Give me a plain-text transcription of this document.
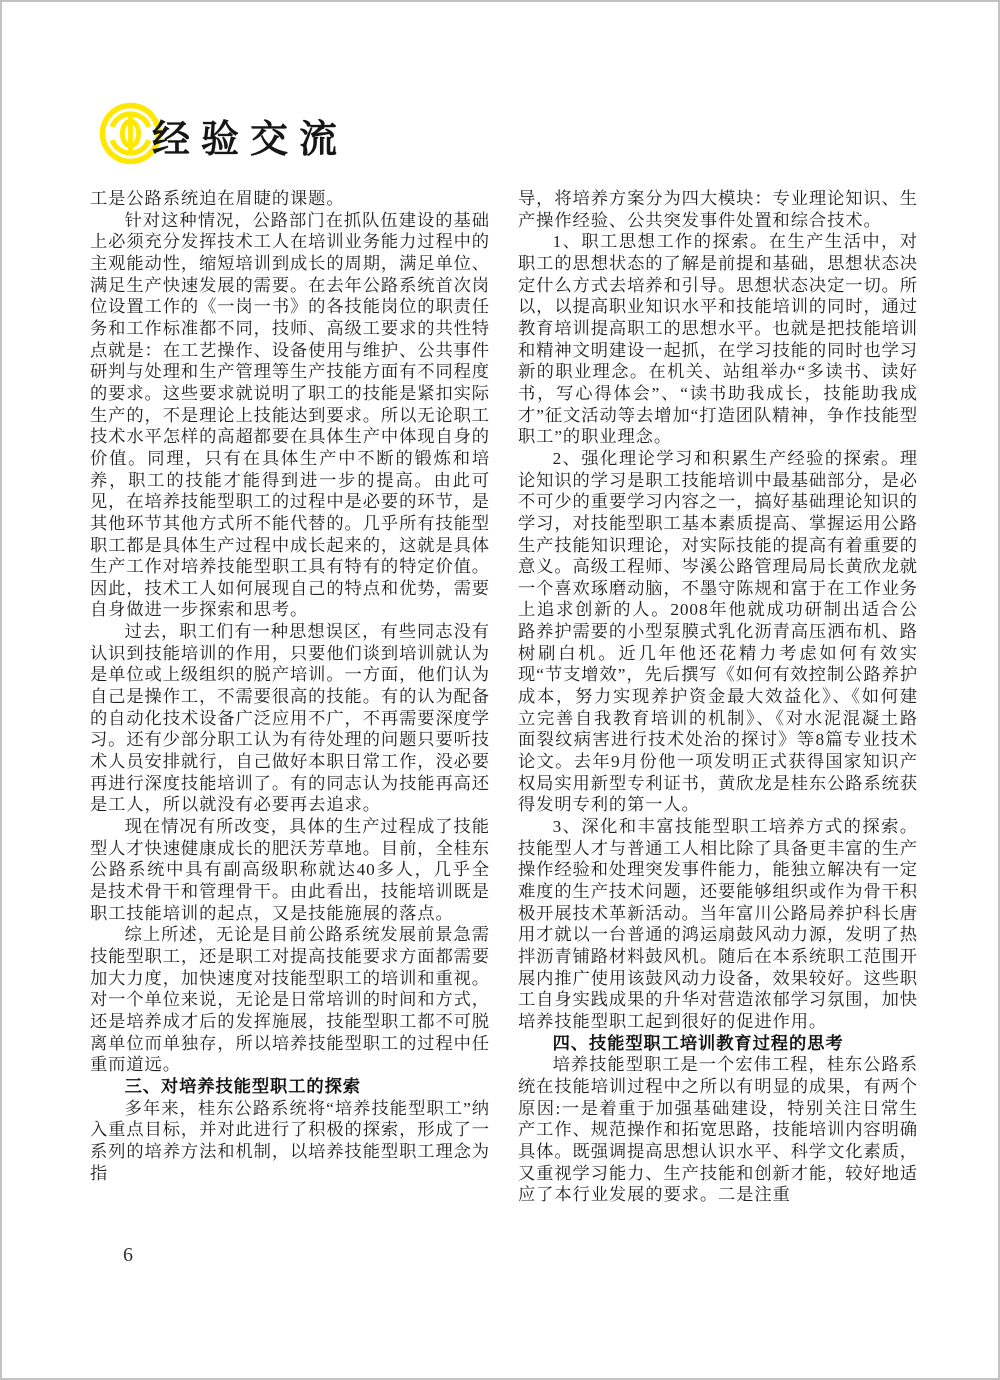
经验交流

工是公路系统迫在眉睫的课题。

针对这种情况，公路部门在抓队伍建设的基础上必须充分发挥技术工人在培训业务能力过程中的主观能动性，缩短培训到成长的周期，满足单位、满足生产快速发展的需要。在去年公路系统首次岗位设置工作的《一岗一书》的各技能岗位的职责任务和工作标准都不同，技师、高级工要求的共性特点就是：在工艺操作、设备使用与维护、公共事件研判与处理和生产管理等生产技能方面有不同程度的要求。这些要求就说明了职工的技能是紧扣实际生产的，不是理论上技能达到要求。所以无论职工技术水平怎样的高超都要在具体生产中体现自身的价值。同理，只有在具体生产中不断的锻炼和培养，职工的技能才能得到进一步的提高。由此可见，在培养技能型职工的过程中是必要的环节，是其他环节其他方式所不能代替的。几乎所有技能型职工都是具体生产过程中成长起来的，这就是具体生产工作对培养技能型职工具有特有的特定价值。因此，技术工人如何展现自己的特点和优势，需要自身做进一步探索和思考。

过去，职工们有一种思想误区，有些同志没有认识到技能培训的作用，只要他们谈到培训就认为是单位或上级组织的脱产培训。一方面，他们认为自己是操作工，不需要很高的技能。有的认为配备的自动化技术设备广泛应用不广，不再需要深度学习。还有少部分职工认为有待处理的问题只要听技术人员安排就行，自己做好本职日常工作，没必要再进行深度技能培训了。有的同志认为技能再高还是工人，所以就没有必要再去追求。

现在情况有所改变，具体的生产过程成了技能型人才快速健康成长的肥沃芳草地。目前，全桂东公路系统中具有副高级职称就达40多人，几乎全是技术骨干和管理骨干。由此看出，技能培训既是职工技能培训的起点，又是技能施展的落点。

综上所述，无论是目前公路系统发展前景急需技能型职工，还是职工对提高技能要求方面都需要加大力度，加快速度对技能型职工的培训和重视。对一个单位来说，无论是日常培训的时间和方式，还是培养成才后的发挥施展，技能型职工都不可脱离单位而单独存，所以培养技能型职工的过程中任重而道远。

三、对培养技能型职工的探索

多年来，桂东公路系统将“培养技能型职工”纳入重点目标，并对此进行了积极的探索，形成了一系列的培养方法和机制，以培养技能型职工理念为指

导，将培养方案分为四大模块：专业理论知识、生产操作经验、公共突发事件处置和综合技术。

1、职工思想工作的探索。在生产生活中，对职工的思想状态的了解是前提和基础，思想状态决定什么方式去培养和引导。思想状态决定一切。所以，以提高职业知识水平和技能培训的同时，通过教育培训提高职工的思想水平。也就是把技能培训和精神文明建设一起抓，在学习技能的同时也学习新的职业理念。在机关、站组举办“多读书、读好书，写心得体会”、“读书助我成长，技能助我成才”征文活动等去增加“打造团队精神，争作技能型职工”的职业理念。

2、强化理论学习和积累生产经验的探索。理论知识的学习是职工技能培训中最基础部分，是必不可少的重要学习内容之一，搞好基础理论知识的学习，对技能型职工基本素质提高、掌握运用公路生产技能知识理论，对实际技能的提高有着重要的意义。高级工程师、岑溪公路管理局局长黄欣龙就一个喜欢琢磨动脑，不墨守陈规和富于在工作业务上追求创新的人。2008年他就成功研制出适合公路养护需要的小型泵膜式乳化沥青高压洒布机、路树刷白机。近几年他还花精力考虑如何有效实现“节支增效”，先后撰写《如何有效控制公路养护成本，努力实现养护资金最大效益化》、《如何建立完善自我教育培训的机制》、《对水泥混凝土路面裂纹病害进行技术处治的探讨》等8篇专业技术论文。去年9月份他一项发明正式获得国家知识产权局实用新型专利证书，黄欣龙是桂东公路系统获得发明专利的第一人。

3、深化和丰富技能型职工培养方式的探索。技能型人才与普通工人相比除了具备更丰富的生产操作经验和处理突发事件能力，能独立解决有一定难度的生产技术问题，还要能够组织或作为骨干积极开展技术革新活动。当年富川公路局养护科长唐用才就以一台普通的鸿运扇鼓风动力源，发明了热拌沥青铺路材料鼓风机。随后在本系统职工范围开展内推广使用该鼓风动力设备，效果较好。这些职工自身实践成果的升华对营造浓郁学习氛围，加快培养技能型职工起到很好的促进作用。

四、技能型职工培训教育过程的思考

培养技能型职工是一个宏伟工程，桂东公路系统在技能培训过程中之所以有明显的成果，有两个原因:一是着重于加强基础建设，特别关注日常生产工作、规范操作和拓宽思路，技能培训内容明确具体。既强调提高思想认识水平、科学文化素质，又重视学习能力、生产技能和创新才能，较好地适应了本行业发展的要求。二是注重

6
